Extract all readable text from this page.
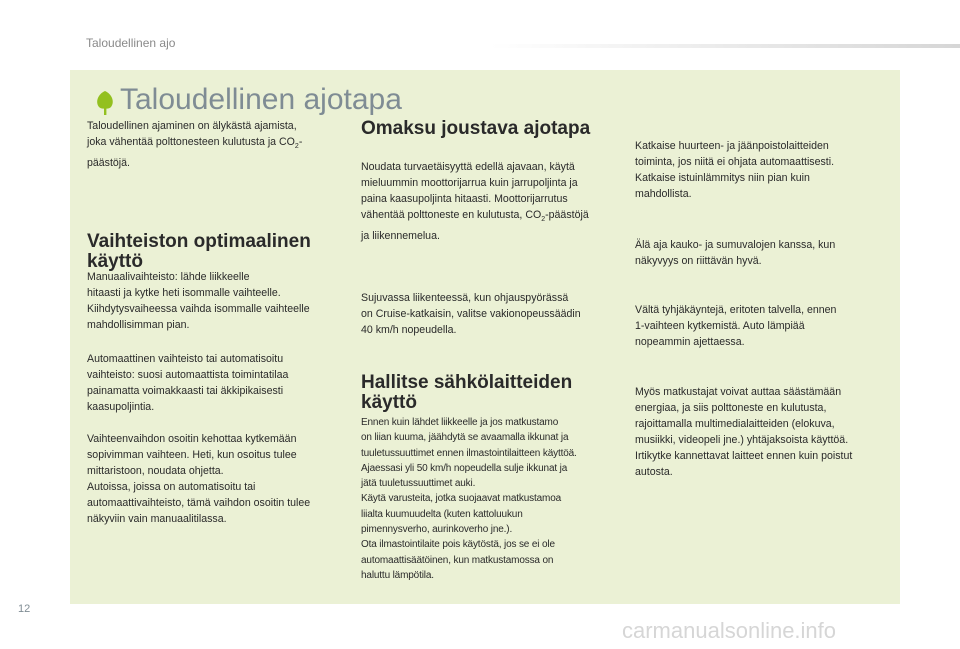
Taloudellinen ajo
Taloudellinen ajotapa

Taloudellinen ajaminen on älykästä ajamista,
joka vähentää polttonesteen kulutusta ja $CO_2-$
päästöjä.

Vaihteiston optimaalinen
käyttö
Manuaalivaihteisto: lähde liikkeelle
hitaasti ja kytke heti isommalle vaihteelle.
Kiihdytysvaiheessa vaihda isommalle vaihteelle
mahdollisimman pian.
Automaattinen vaihteisto tai automatisoitu
vaihteisto: suosi automaattista toimintatilaa
painamatta voimakkaasti tai äkkipikaisesti
kaasupoljintia.
Vaihteenvaihdon osoitin kehottaa kytkemään
sopivimman vaihteen. Heti, kun osoitus tulee
mittaristoon, noudata ohjetta.
Autoissa, joissa on automatisoitu tai
automaattivaihteisto, tämä vaihdon osoitin tulee
näkyviin vain manuaalitilassa.
Omaksu joustava ajotapa
Noudata turvaetäisyyttä edellä ajavaan, käytä
mieluummin moottorijarrua kuin jarrupoljinta ja
paina kaasupoljinta hitaasti. Moottorijarrutus
vähentää polttoneste en kulutusta, $CO_2$-päästöjä
ja liikennemelua.
Sujuvassa liikenteessä, kun ohjauspyörässä
on Cruise-katkaisin, valitse vakionopeussäädin
40 km/h nopeudella.
Hallitse sähkölaitteiden
käyttö
Ennen kuin lähdet liikkeelle ja jos matkustamo
on liian kuuma, jäähdytä se avaamalla ikkunat ja
tuuletussuuttimet ennen ilmastointilaitteen käyttöä.
Ajaessasi yli 50 km/h nopeudella sulje ikkunat ja
jätä tuuletussuuttimet auki.
Käytä varusteita, jotka suojaavat matkustamoa
liialta kuumuudelta (kuten kattoluukun
pimennysverho, aurinkoverho jne.).
Ota ilmastointilaite pois käytöstä, jos se ei ole
automaattisäätöinen, kun matkustamossa on
haluttu lämpötila.
Katkaise huurteen- ja jäänpoistolaitteiden
toiminta, jos niitä ei ohjata automaattisesti.
Katkaise istuinlämmitys niin pian kuin
mahdollista.
Älä aja kauko- ja sumuvalojen kanssa, kun
näkyvyys on riittävän hyvä.
Vältä tyhjäkäyntejä, eritoten talvella, ennen
1-vaihteen kytkemistä. Auto lämpiää
nopeammin ajettaessa.
Myös matkustajat voivat auttaa säästämään
energiaa, ja siis polttoneste en kulutusta,
rajoittamalla multimedialaitteiden (elokuva,
musiikki, videopeli jne.) yhtäjaksoista käyttöä.
Irtikytke kannettavat laitteet ennen kuin poistut
autosta.
12
carmanualsonline.info
